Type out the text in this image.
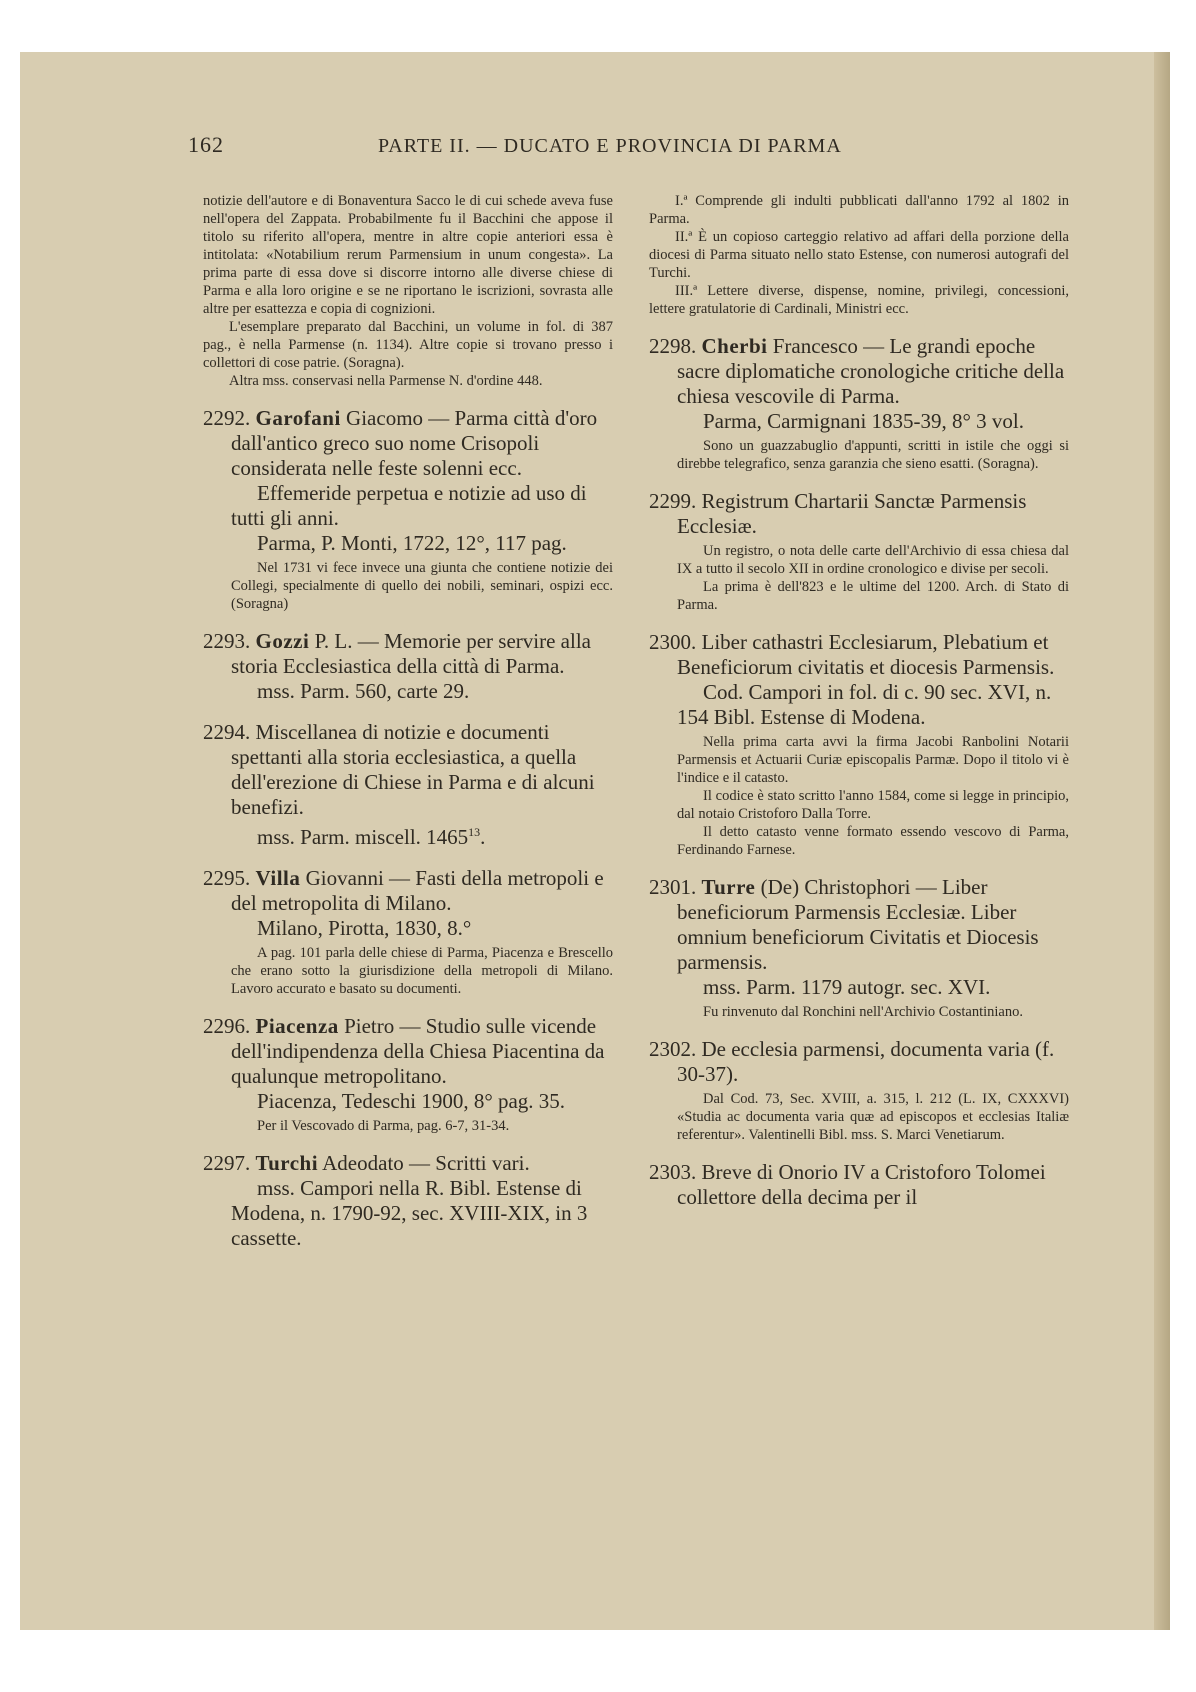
162	PARTE II. — DUCATO E PROVINCIA DI PARMA

notizie dell'autore e di Bonaventura Sacco le di cui schede aveva fuse nell'opera del Zappata. Probabilmente fu il Bacchini che appose il titolo su riferito all'opera, mentre in altre copie anteriori essa è intitolata: «Notabilium rerum Parmensium in unum congesta». La prima parte di essa dove si discorre intorno alle diverse chiese di Parma e alla loro origine e se ne riportano le iscrizioni, sovrasta alle altre per esattezza e copia di cognizioni.

L'esemplare preparato dal Bacchini, un volume in fol. di 387 pag., è nella Parmense (n. 1134). Altre copie si trovano presso i collettori di cose patrie. (Soragna).

Altra mss. conservasi nella Parmense N. d'ordine 448.

2292. Garofani Giacomo — Parma città d'oro dall'antico greco suo nome Crisopoli considerata nelle feste solenni ecc.

Effemeride perpetua e notizie ad uso di tutti gli anni.

Parma, P. Monti, 1722, 12°, 117 pag.

Nel 1731 vi fece invece una giunta che contiene notizie dei Collegi, specialmente di quello dei nobili, seminari, ospizi ecc. (Soragna)

2293. Gozzi P. L. — Memorie per servire alla storia Ecclesiastica della città di Parma.

mss. Parm. 560, carte 29.

2294. Miscellanea di notizie e documenti spettanti alla storia ecclesiastica, a quella dell'erezione di Chiese in Parma e di alcuni benefizi.

mss. Parm. miscell. 1465$^{13}$.

2295. Villa Giovanni — Fasti della metropoli e del metropolita di Milano.

Milano, Pirotta, 1830, 8.°

A pag. 101 parla delle chiese di Parma, Piacenza e Brescello che erano sotto la giurisdizione della metropoli di Milano. Lavoro accurato e basato su documenti.

2296. Piacenza Pietro — Studio sulle vicende dell'indipendenza della Chiesa Piacentina da qualunque metropolitano.

Piacenza, Tedeschi 1900, 8° pag. 35.

Per il Vescovado di Parma, pag. 6-7, 31-34.

2297. Turchi Adeodato — Scritti vari.

mss. Campori nella R. Bibl. Estense di Modena, n. 1790-92, sec. XVIII-XIX, in 3 cassette.

I.ª Comprende gli indulti pubblicati dall'anno 1792 al 1802 in Parma.

II.ª È un copioso carteggio relativo ad affari della porzione della diocesi di Parma situato nello stato Estense, con numerosi autografi del Turchi.

III.ª Lettere diverse, dispense, nomine, privilegi, concessioni, lettere gratulatorie di Cardinali, Ministri ecc.

2298. Cherbi Francesco — Le grandi epoche sacre diplomatiche cronologiche critiche della chiesa vescovile di Parma.

Parma, Carmignani 1835-39, 8° 3 vol.

Sono un guazzabuglio d'appunti, scritti in istile che oggi si direbbe telegrafico, senza garanzia che sieno esatti. (Soragna).

2299. Registrum Chartarii Sanctæ Parmensis Ecclesiæ.

Un registro, o nota delle carte dell'Archivio di essa chiesa dal IX a tutto il secolo XII in ordine cronologico e divise per secoli.

La prima è dell'823 e le ultime del 1200. Arch. di Stato di Parma.

2300. Liber cathastri Ecclesiarum, Plebatium et Beneficiorum civitatis et diocesis Parmensis.

Cod. Campori in fol. di c. 90 sec. XVI, n. 154 Bibl. Estense di Modena.

Nella prima carta avvi la firma Jacobi Ranbolini Notarii Parmensis et Actuarii Curiæ episcopalis Parmæ. Dopo il titolo vi è l'indice e il catasto.

Il codice è stato scritto l'anno 1584, come si legge in principio, dal notaio Cristoforo Dalla Torre.

Il detto catasto venne formato essendo vescovo di Parma, Ferdinando Farnese.

2301. Turre (De) Christophori — Liber beneficiorum Parmensis Ecclesiæ. Liber omnium beneficiorum Civitatis et Diocesis parmensis.

mss. Parm. 1179 autogr. sec. XVI.

Fu rinvenuto dal Ronchini nell'Archivio Costantiniano.

2302. De ecclesia parmensi, documenta varia (f. 30-37).

Dal Cod. 73, Sec. XVIII, a. 315, l. 212 (L. IX, CXXXVI) «Studia ac documenta varia quæ ad episcopos et ecclesias Italiæ referentur». Valentinelli Bibl. mss. S. Marci Venetiarum.

2303. Breve di Onorio IV a Cristoforo Tolomei collettore della decima per il
